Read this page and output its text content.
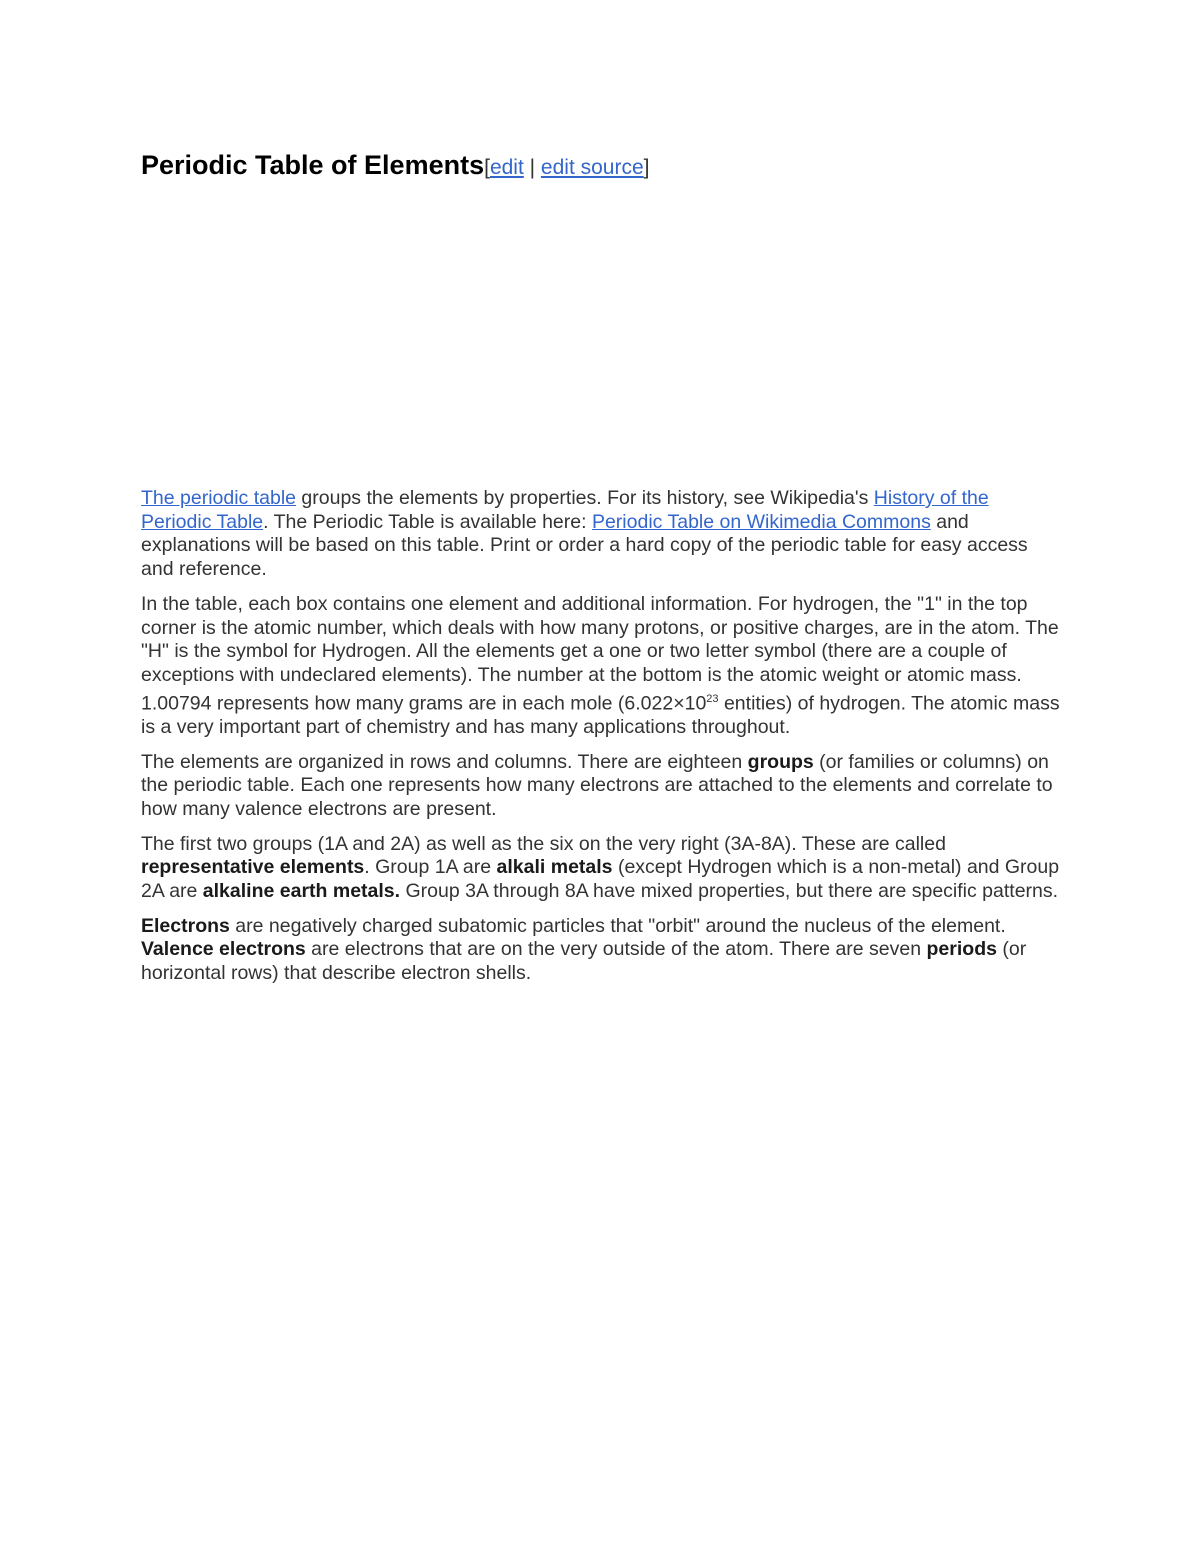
Periodic Table of Elements[edit | edit source]

The periodic table groups the elements by properties. For its history, see Wikipedia's History of the Periodic Table. The Periodic Table is available here: Periodic Table on Wikimedia Commons and explanations will be based on this table. Print or order a hard copy of the periodic table for easy access and reference.

In the table, each box contains one element and additional information. For hydrogen, the "1" in the top corner is the atomic number, which deals with how many protons, or positive charges, are in the atom. The "H" is the symbol for Hydrogen. All the elements get a one or two letter symbol (there are a couple of exceptions with undeclared elements). The number at the bottom is the atomic weight or atomic mass. 1.00794 represents how many grams are in each mole ($6.022\times 10^{23}$ entities) of hydrogen. The atomic mass is a very important part of chemistry and has many applications throughout.

The elements are organized in rows and columns. There are eighteen groups (or families or columns) on the periodic table. Each one represents how many electrons are attached to the elements and correlate to how many valence electrons are present.

The first two groups (1A and 2A) as well as the six on the very right (3A-8A). These are called representative elements. Group 1A are alkali metals (except Hydrogen which is a non-metal) and Group 2A are alkaline earth metals. Group 3A through 8A have mixed properties, but there are specific patterns.

Electrons are negatively charged subatomic particles that "orbit" around the nucleus of the element. Valence electrons are electrons that are on the very outside of the atom. There are seven periods (or horizontal rows) that describe electron shells.
